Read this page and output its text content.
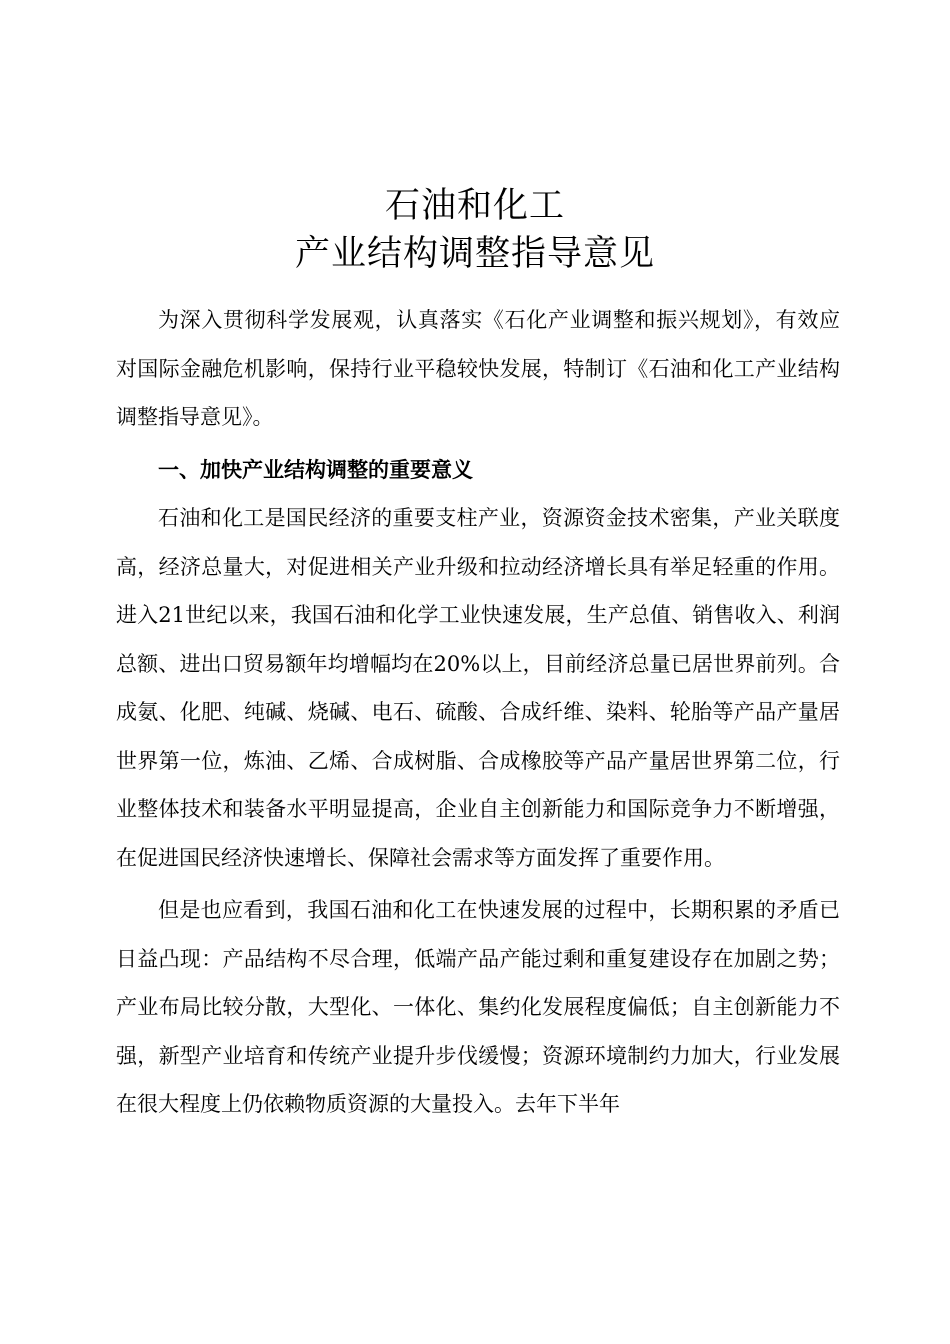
石油和化工
产业结构调整指导意见

为深入贯彻科学发展观，认真落实《石化产业调整和振兴规划》，有效应对国际金融危机影响，保持行业平稳较快发展，特制订《石油和化工产业结构调整指导意见》。

一、加快产业结构调整的重要意义

石油和化工是国民经济的重要支柱产业，资源资金技术密集，产业关联度高，经济总量大，对促进相关产业升级和拉动经济增长具有举足轻重的作用。进入21世纪以来，我国石油和化学工业快速发展，生产总值、销售收入、利润总额、进出口贸易额年均增幅均在20%以上，目前经济总量已居世界前列。合成氨、化肥、纯碱、烧碱、电石、硫酸、合成纤维、染料、轮胎等产品产量居世界第一位，炼油、乙烯、合成树脂、合成橡胶等产品产量居世界第二位，行业整体技术和装备水平明显提高，企业自主创新能力和国际竞争力不断增强，在促进国民经济快速增长、保障社会需求等方面发挥了重要作用。

但是也应看到，我国石油和化工在快速发展的过程中，长期积累的矛盾已日益凸现：产品结构不尽合理，低端产品产能过剩和重复建设存在加剧之势；产业布局比较分散，大型化、一体化、集约化发展程度偏低；自主创新能力不强，新型产业培育和传统产业提升步伐缓慢；资源环境制约力加大，行业发展在很大程度上仍依赖物质资源的大量投入。去年下半年
